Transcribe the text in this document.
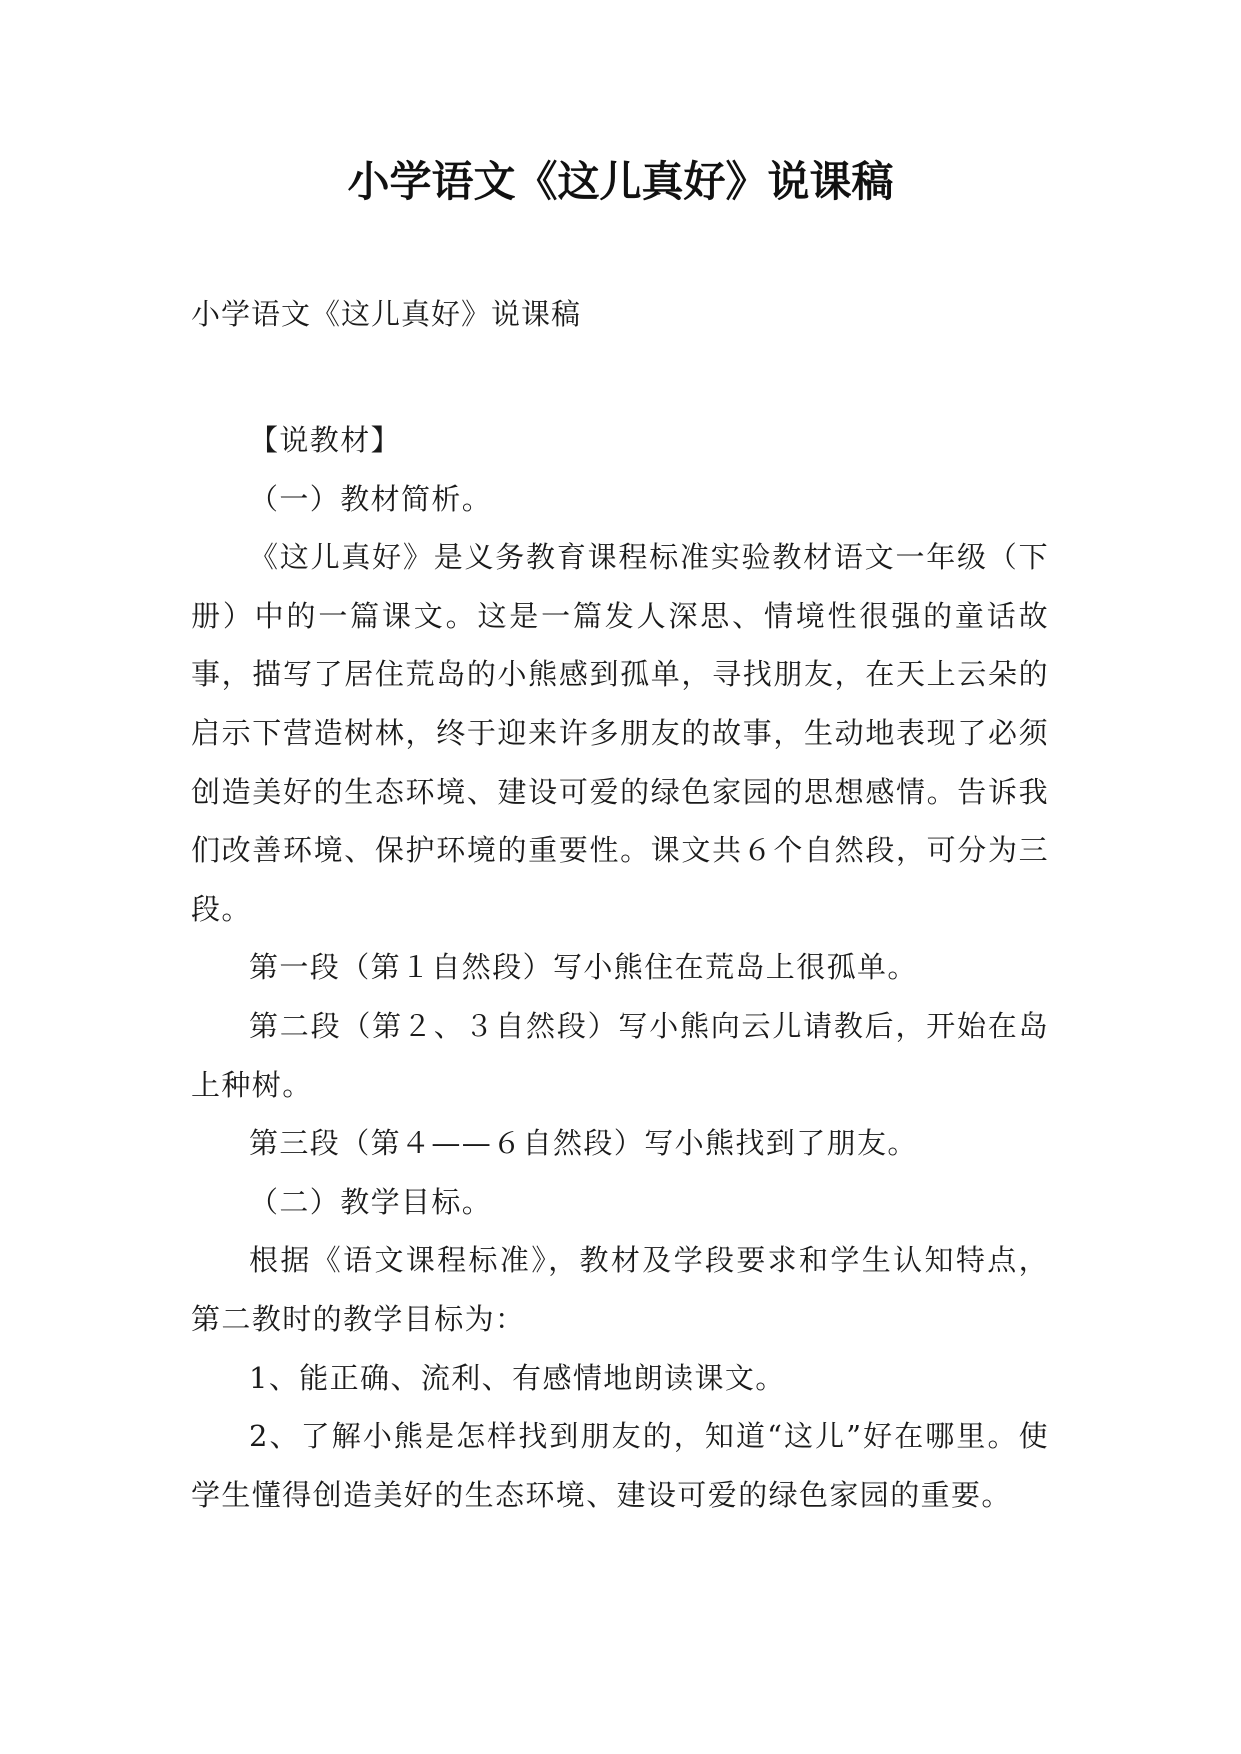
小学语文《这儿真好》说课稿

小学语文《这儿真好》说课稿

【说教材】

（一）教材简析。

《这儿真好》是义务教育课程标准实验教材语文一年级（下册）中的一篇课文。这是一篇发人深思、情境性很强的童话故事，描写了居住荒岛的小熊感到孤单，寻找朋友，在天上云朵的启示下营造树林，终于迎来许多朋友的故事，生动地表现了必须创造美好的生态环境、建设可爱的绿色家园的思想感情。告诉我们改善环境、保护环境的重要性。课文共６个自然段，可分为三段。

第一段（第１自然段）写小熊住在荒岛上很孤单。

第二段（第２、３自然段）写小熊向云儿请教后，开始在岛上种树。

第三段（第４——６自然段）写小熊找到了朋友。

（二）教学目标。

根据《语文课程标准》，教材及学段要求和学生认知特点，第二教时的教学目标为：

1、能正确、流利、有感情地朗读课文。

2、了解小熊是怎样找到朋友的，知道“这儿”好在哪里。使学生懂得创造美好的生态环境、建设可爱的绿色家园的重要。
